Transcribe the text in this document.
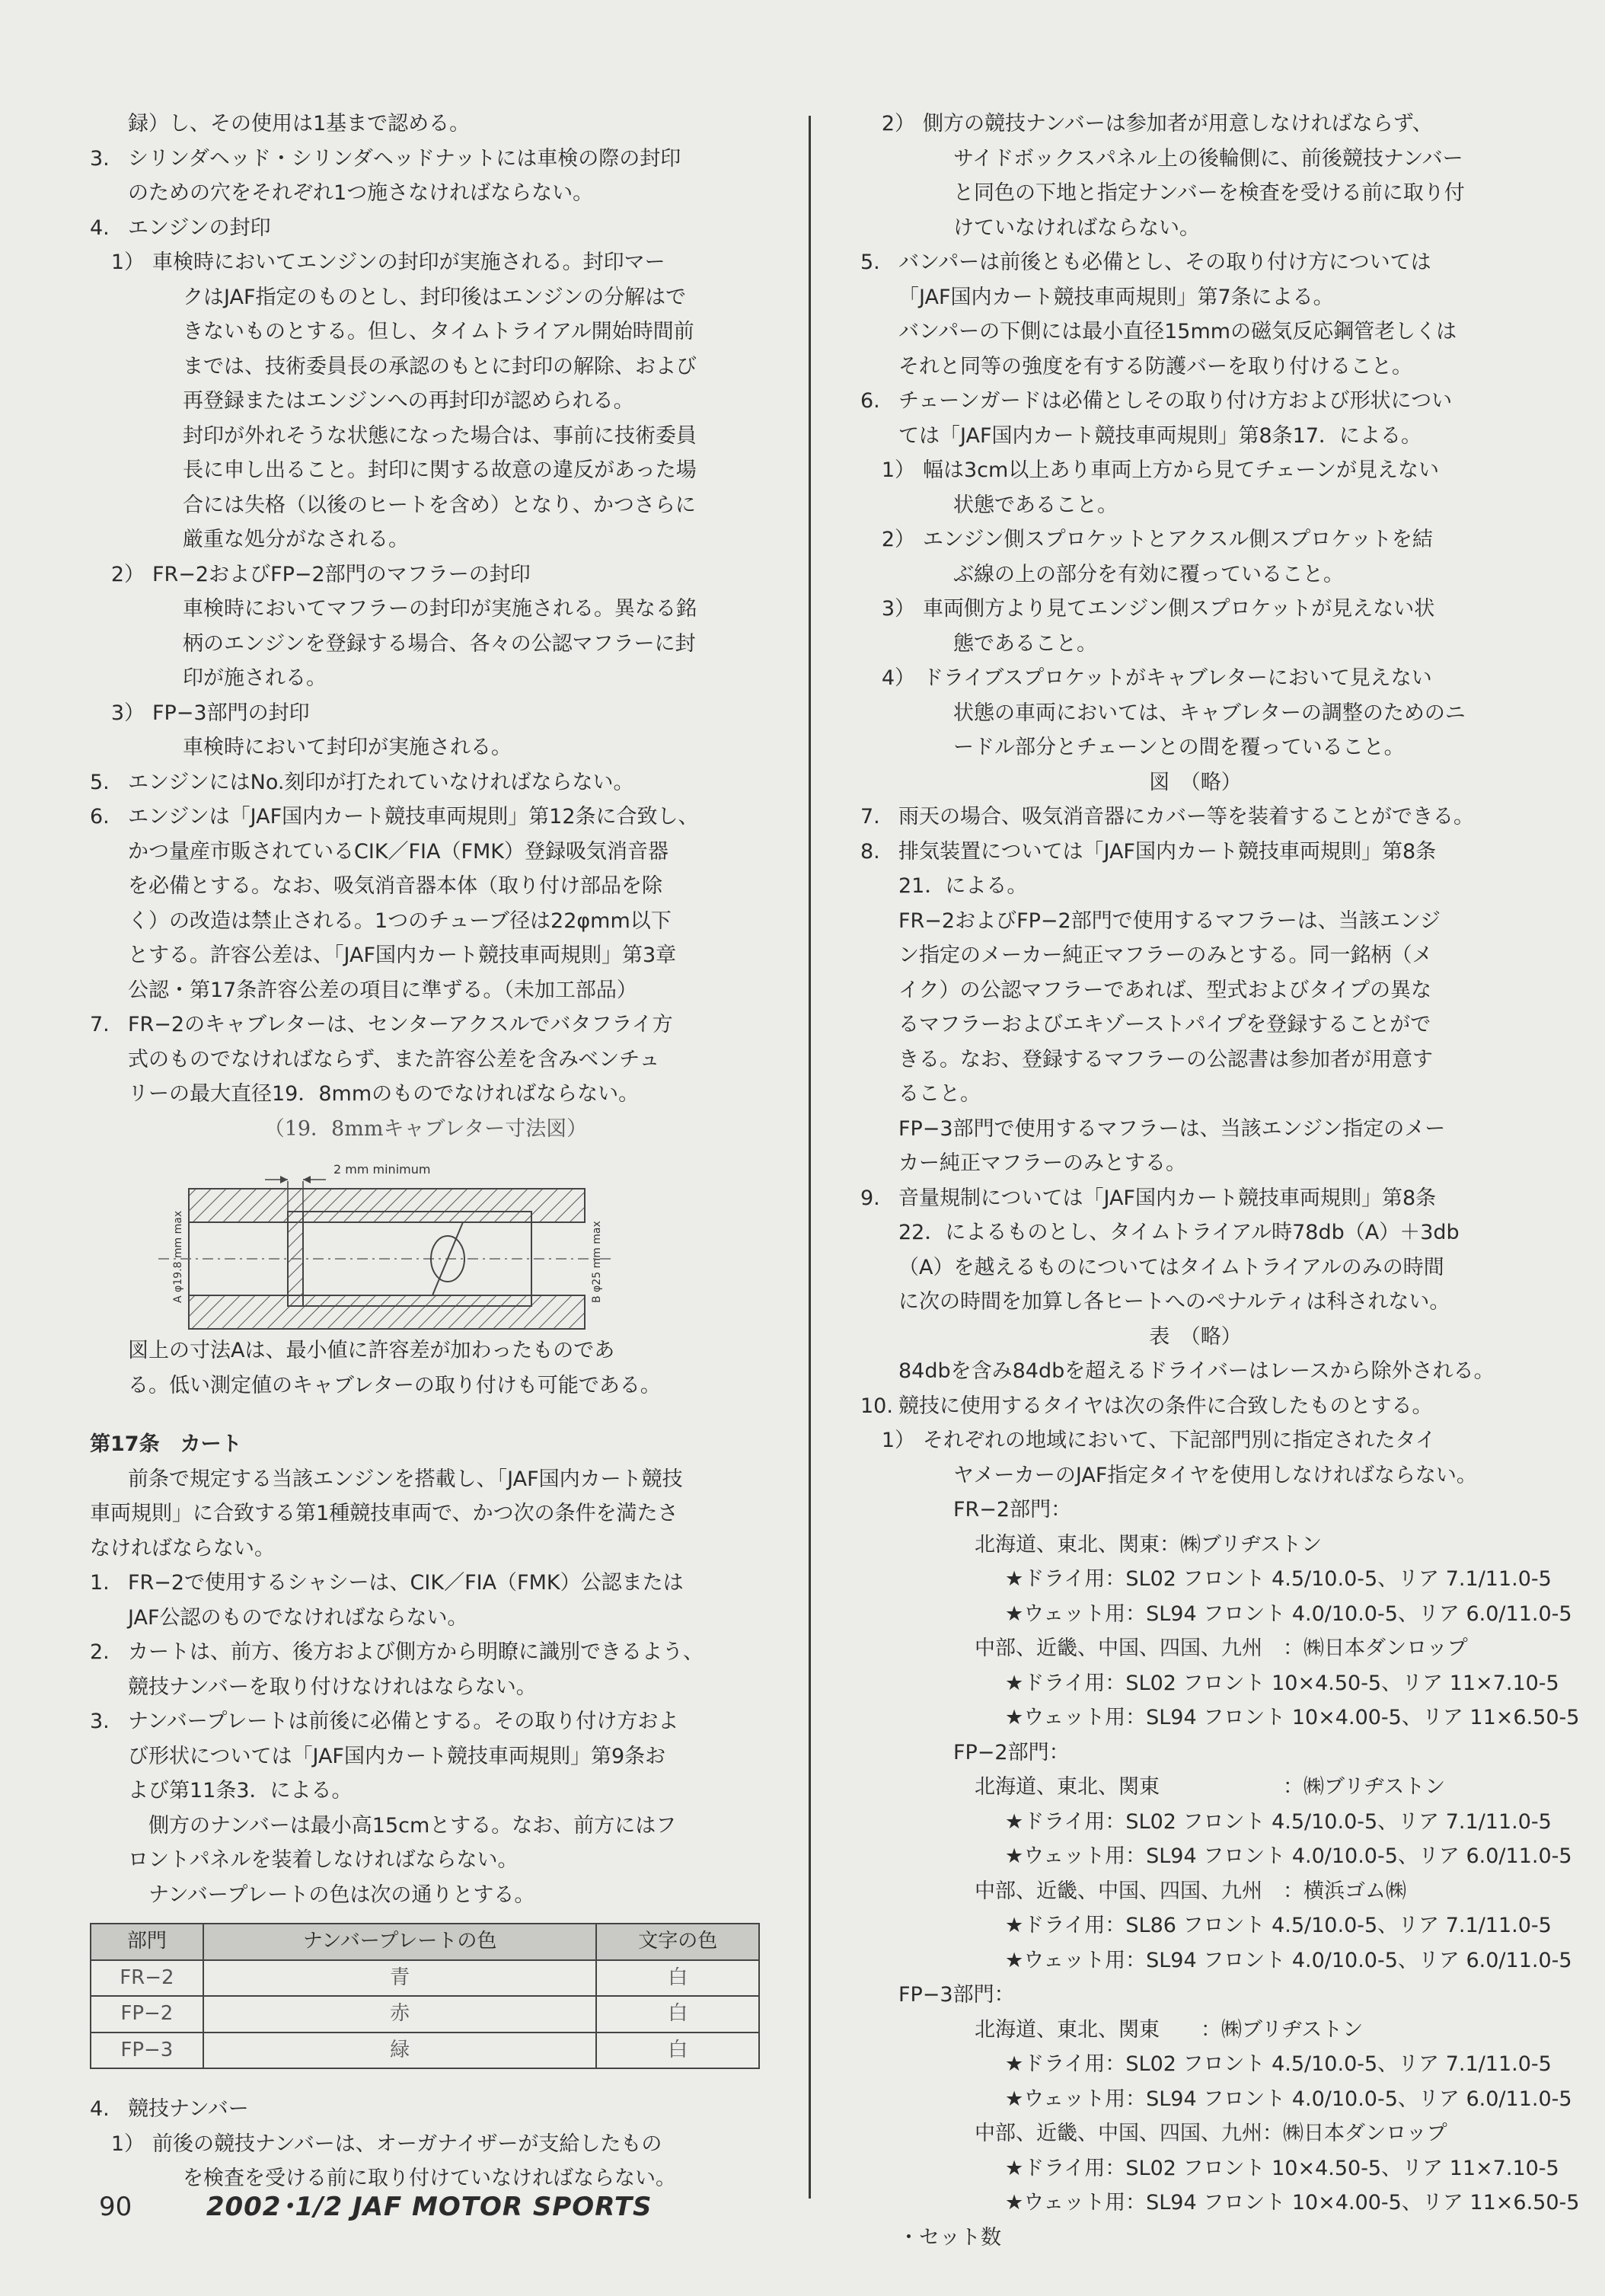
録）し、その使用は1基まで認める。
3. シリンダヘッド・シリンダヘッドナットには車検の際の封印
のための穴をそれぞれ1つ施さなければならない。
4. エンジンの封印
1） 車検時においてエンジンの封印が実施される。封印マー
クはJAF指定のものとし、封印後はエンジンの分解はで
きないものとする。但し、タイムトライアル開始時間前
までは、技術委員長の承認のもとに封印の解除、および
再登録またはエンジンへの再封印が認められる。
封印が外れそうな状態になった場合は、事前に技術委員
長に申し出ること。封印に関する故意の違反があった場
合には失格（以後のヒートを含め）となり、かつさらに
厳重な処分がなされる。
2） FR−2およびFP−2部門のマフラーの封印
車検時においてマフラーの封印が実施される。異なる銘
柄のエンジンを登録する場合、各々の公認マフラーに封
印が施される。
3） FP−3部門の封印
車検時において封印が実施される。
5. エンジンにはNo.刻印が打たれていなければならない。
6. エンジンは「JAF国内カート競技車両規則」第12条に合致し、
かつ量産市販されているCIK／FIA（FMK）登録吸気消音器
を必備とする。なお、吸気消音器本体（取り付け部品を除
く）の改造は禁止される。1つのチューブ径は22φmm以下
とする。許容公差は、「JAF国内カート競技車両規則」第3章
公認・第17条許容公差の項目に準ずる。（未加工部品）
7. FR−2のキャブレターは、センターアクスルでバタフライ方
式のものでなければならず、また許容公差を含みベンチュ
リーの最大直径19．8mmのものでなければならない。
（19．8mmキャブレター寸法図）
2 mm minimum
A φ19.8 mm max	B φ25 mm max
図上の寸法Aは、最小値に許容差が加わったものであ
る。低い測定値のキャブレターの取り付けも可能である。
第17条　カート
前条で規定する当該エンジンを搭載し、「JAF国内カート競技
車両規則」に合致する第1種競技車両で、かつ次の条件を満たさ
なければならない。
1. FR−2で使用するシャシーは、CIK／FIA（FMK）公認または
JAF公認のものでなければならない。
2. カートは、前方、後方および側方から明瞭に識別できるよう、
競技ナンバーを取り付けなけれはならない。
3. ナンバープレートは前後に必備とする。その取り付け方およ
び形状については「JAF国内カート競技車両規則」第9条お
よび第11条3．による。
　側方のナンバーは最小高15cmとする。なお、前方にはフ
ロントパネルを装着しなければならない。
　ナンバープレートの色は次の通りとする。
部門	ナンバープレートの色	文字の色
FR−2	青	白
FP−2	赤	白
FP−3	緑	白
4. 競技ナンバー
1） 前後の競技ナンバーは、オーガナイザーが支給したもの
を検査を受ける前に取り付けていなければならない。
2） 側方の競技ナンバーは参加者が用意しなければならず、
サイドボックスパネル上の後輪側に、前後競技ナンバー
と同色の下地と指定ナンバーを検査を受ける前に取り付
けていなければならない。
5. バンパーは前後とも必備とし、その取り付け方については
「JAF国内カート競技車両規則」第7条による。
バンパーの下側には最小直径15mmの磁気反応鋼管老しくは
それと同等の強度を有する防護バーを取り付けること。
6. チェーンガードは必備としその取り付け方および形状につい
ては「JAF国内カート競技車両規則」第8条17．による。
1） 幅は3cm以上あり車両上方から見てチェーンが見えない
状態であること。
2） エンジン側スプロケットとアクスル側スプロケットを結
ぶ線の上の部分を有効に覆っていること。
3） 車両側方より見てエンジン側スプロケットが見えない状
態であること。
4） ドライブスプロケットがキャブレターにおいて見えない
状態の車両においては、キャブレターの調整のためのニ
ードル部分とチェーンとの間を覆っていること。
図　（略）
7. 雨天の場合、吸気消音器にカバー等を装着することができる。
8. 排気装置については「JAF国内カート競技車両規則」第8条
21．による。
FR−2およびFP−2部門で使用するマフラーは、当該エンジ
ン指定のメーカー純正マフラーのみとする。同一銘柄（メ
イク）の公認マフラーであれば、型式およびタイプの異な
るマフラーおよびエキゾーストパイプを登録することがで
きる。なお、登録するマフラーの公認書は参加者が用意す
ること。
FP−3部門で使用するマフラーは、当該エンジン指定のメー
カー純正マフラーのみとする。
9. 音量規制については「JAF国内カート競技車両規則」第8条
22．によるものとし、タイムトライアル時78db（A）＋3db
（A）を越えるものについてはタイムトライアルのみの時間
に次の時間を加算し各ヒートへのペナルティは科されない。
表　（略）
84dbを含み84dbを超えるドライバーはレースから除外される。
10. 競技に使用するタイヤは次の条件に合致したものとする。
1） それぞれの地域において、下記部門別に指定されたタイ
ヤメーカーのJAF指定タイヤを使用しなければならない。
FR−2部門：
北海道、東北、関東：㈱ブリヂストン
★ドライ用：SL02 フロント 4.5/10.0-5、リア 7.1/11.0-5
★ウェット用：SL94 フロント 4.0/10.0-5、リア 6.0/11.0-5
中部、近畿、中国、四国、九州　：㈱日本ダンロップ
★ドライ用：SL02 フロント 10×4.50-5、リア 11×7.10-5
★ウェット用：SL94 フロント 10×4.00-5、リア 11×6.50-5
FP−2部門：
北海道、東北、関東　　　　　　：㈱ブリヂストン
★ドライ用：SL02 フロント 4.5/10.0-5、リア 7.1/11.0-5
★ウェット用：SL94 フロント 4.0/10.0-5、リア 6.0/11.0-5
中部、近畿、中国、四国、九州　：横浜ゴム㈱
★ドライ用：SL86 フロント 4.5/10.0-5、リア 7.1/11.0-5
★ウェット用：SL94 フロント 4.0/10.0-5、リア 6.0/11.0-5
FP−3部門：
北海道、東北、関東　　：㈱ブリヂストン
★ドライ用：SL02 フロント 4.5/10.0-5、リア 7.1/11.0-5
★ウェット用：SL94 フロント 4.0/10.0-5、リア 6.0/11.0-5
中部、近畿、中国、四国、九州：㈱日本ダンロップ
★ドライ用：SL02 フロント 10×4.50-5、リア 11×7.10-5
★ウェット用：SL94 フロント 10×4.00-5、リア 11×6.50-5
・セット数
90	2002･1/2 JAF MOTOR SPORTS
